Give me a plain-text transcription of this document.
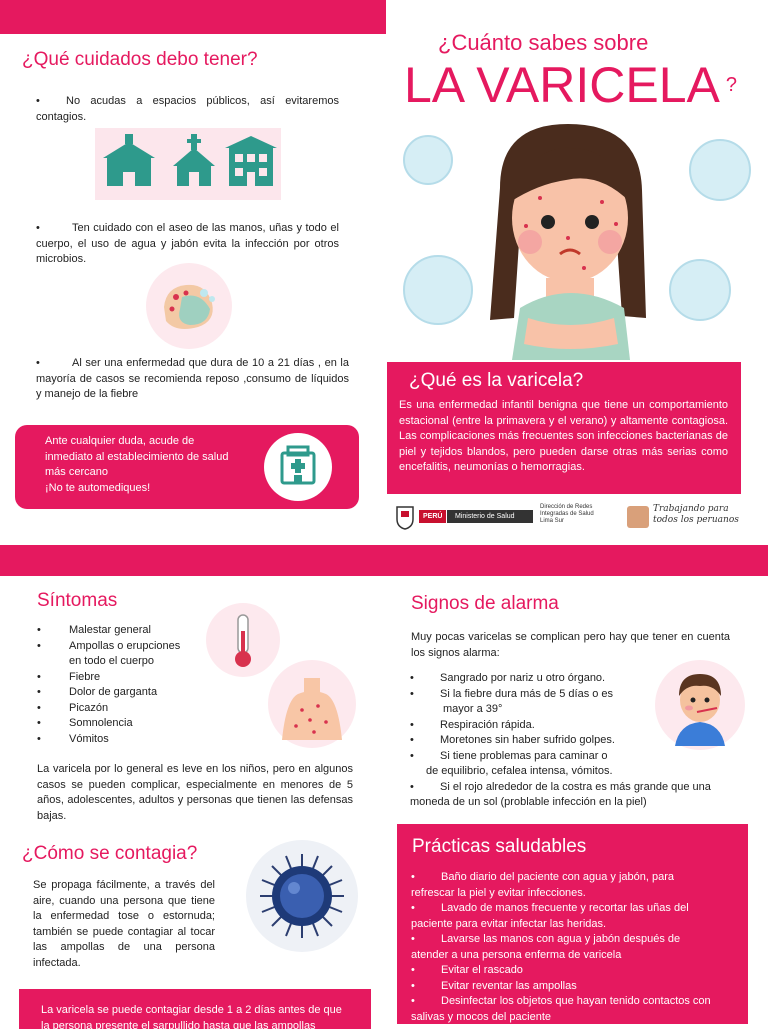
¿Qué cuidados debo tener?
• No acudas a espacios públicos, así evitaremos contagios.
•	Ten cuidado con el aseo de las manos, uñas y todo el cuerpo, el uso de agua y jabón evita la infección por otros microbios.
•	Al ser una enfermedad que dura de 10 a 21 días , en la mayoría de casos se recomienda reposo ,consumo de líquidos y manejo de la fiebre
Ante cualquier duda, acude de
inmediato al establecimiento de salud
más cercano
¡No te automediques!
¿Cuánto sabes sobre
LA VARICELA ?
¿Qué es la varicela?
Es una enfermedad infantil benigna que tiene un comportamiento estacional (entre la primavera y el verano) y altamente contagiosa. Las complicaciones más frecuentes son infecciones bacterianas de piel y tejidos blandos, pero pueden darse otras más serias como encefalitis, neumonías o hemorragias.
PERÚ	Ministerio de Salud
Dirección de Redes
Integradas de Salud
Lima Sur
Trabajando para
todos los peruanos
Síntomas
•	Malestar general
•	Ampollas o erupciones
en todo el cuerpo
•	Fiebre
•	Dolor de garganta
•	Picazón
•	Somnolencia
•	Vómitos
La varicela por lo general es leve en los niños, pero en algunos casos se pueden complicar, especialmente en menores de 5 años, adolescentes, adultos y personas que tienen las defensas bajas.
¿Cómo se contagia?
Se propaga fácilmente, a través del aire, cuando una persona que tiene la enfermedad tose o estornuda; también se puede contagiar al tocar las ampollas de una persona infectada.
La varicela se puede contagiar desde 1 a 2 días antes de que
la persona presente el sarpullido hasta que las ampollas
Signos de alarma
Muy pocas varicelas se complican pero hay que tener en cuenta los signos alarma:
• Sangrado por nariz u otro órgano.
• Si la fiebre dura más de 5 días o es
mayor a 39°
• Respiración rápida.
• Moretones sin haber sufrido golpes.
• Si tiene problemas para caminar o
de equilibrio, cefalea intensa, vómitos.
• Si el rojo alrededor de la costra es más grande que una
moneda de un sol (problable infección en la piel)
Prácticas saludables
• Baño diario del paciente con agua y jabón, para
refrescar la piel y evitar infecciones.
• Lavado de manos frecuente y recortar las uñas del
paciente para evitar infectar las heridas.
• Lavarse las manos con agua y jabón después de
atender a una persona enferma de varicela
• Evitar el rascado
• Evitar reventar las ampollas
• Desinfectar los objetos que hayan tenido contactos con
salivas y mocos del paciente
